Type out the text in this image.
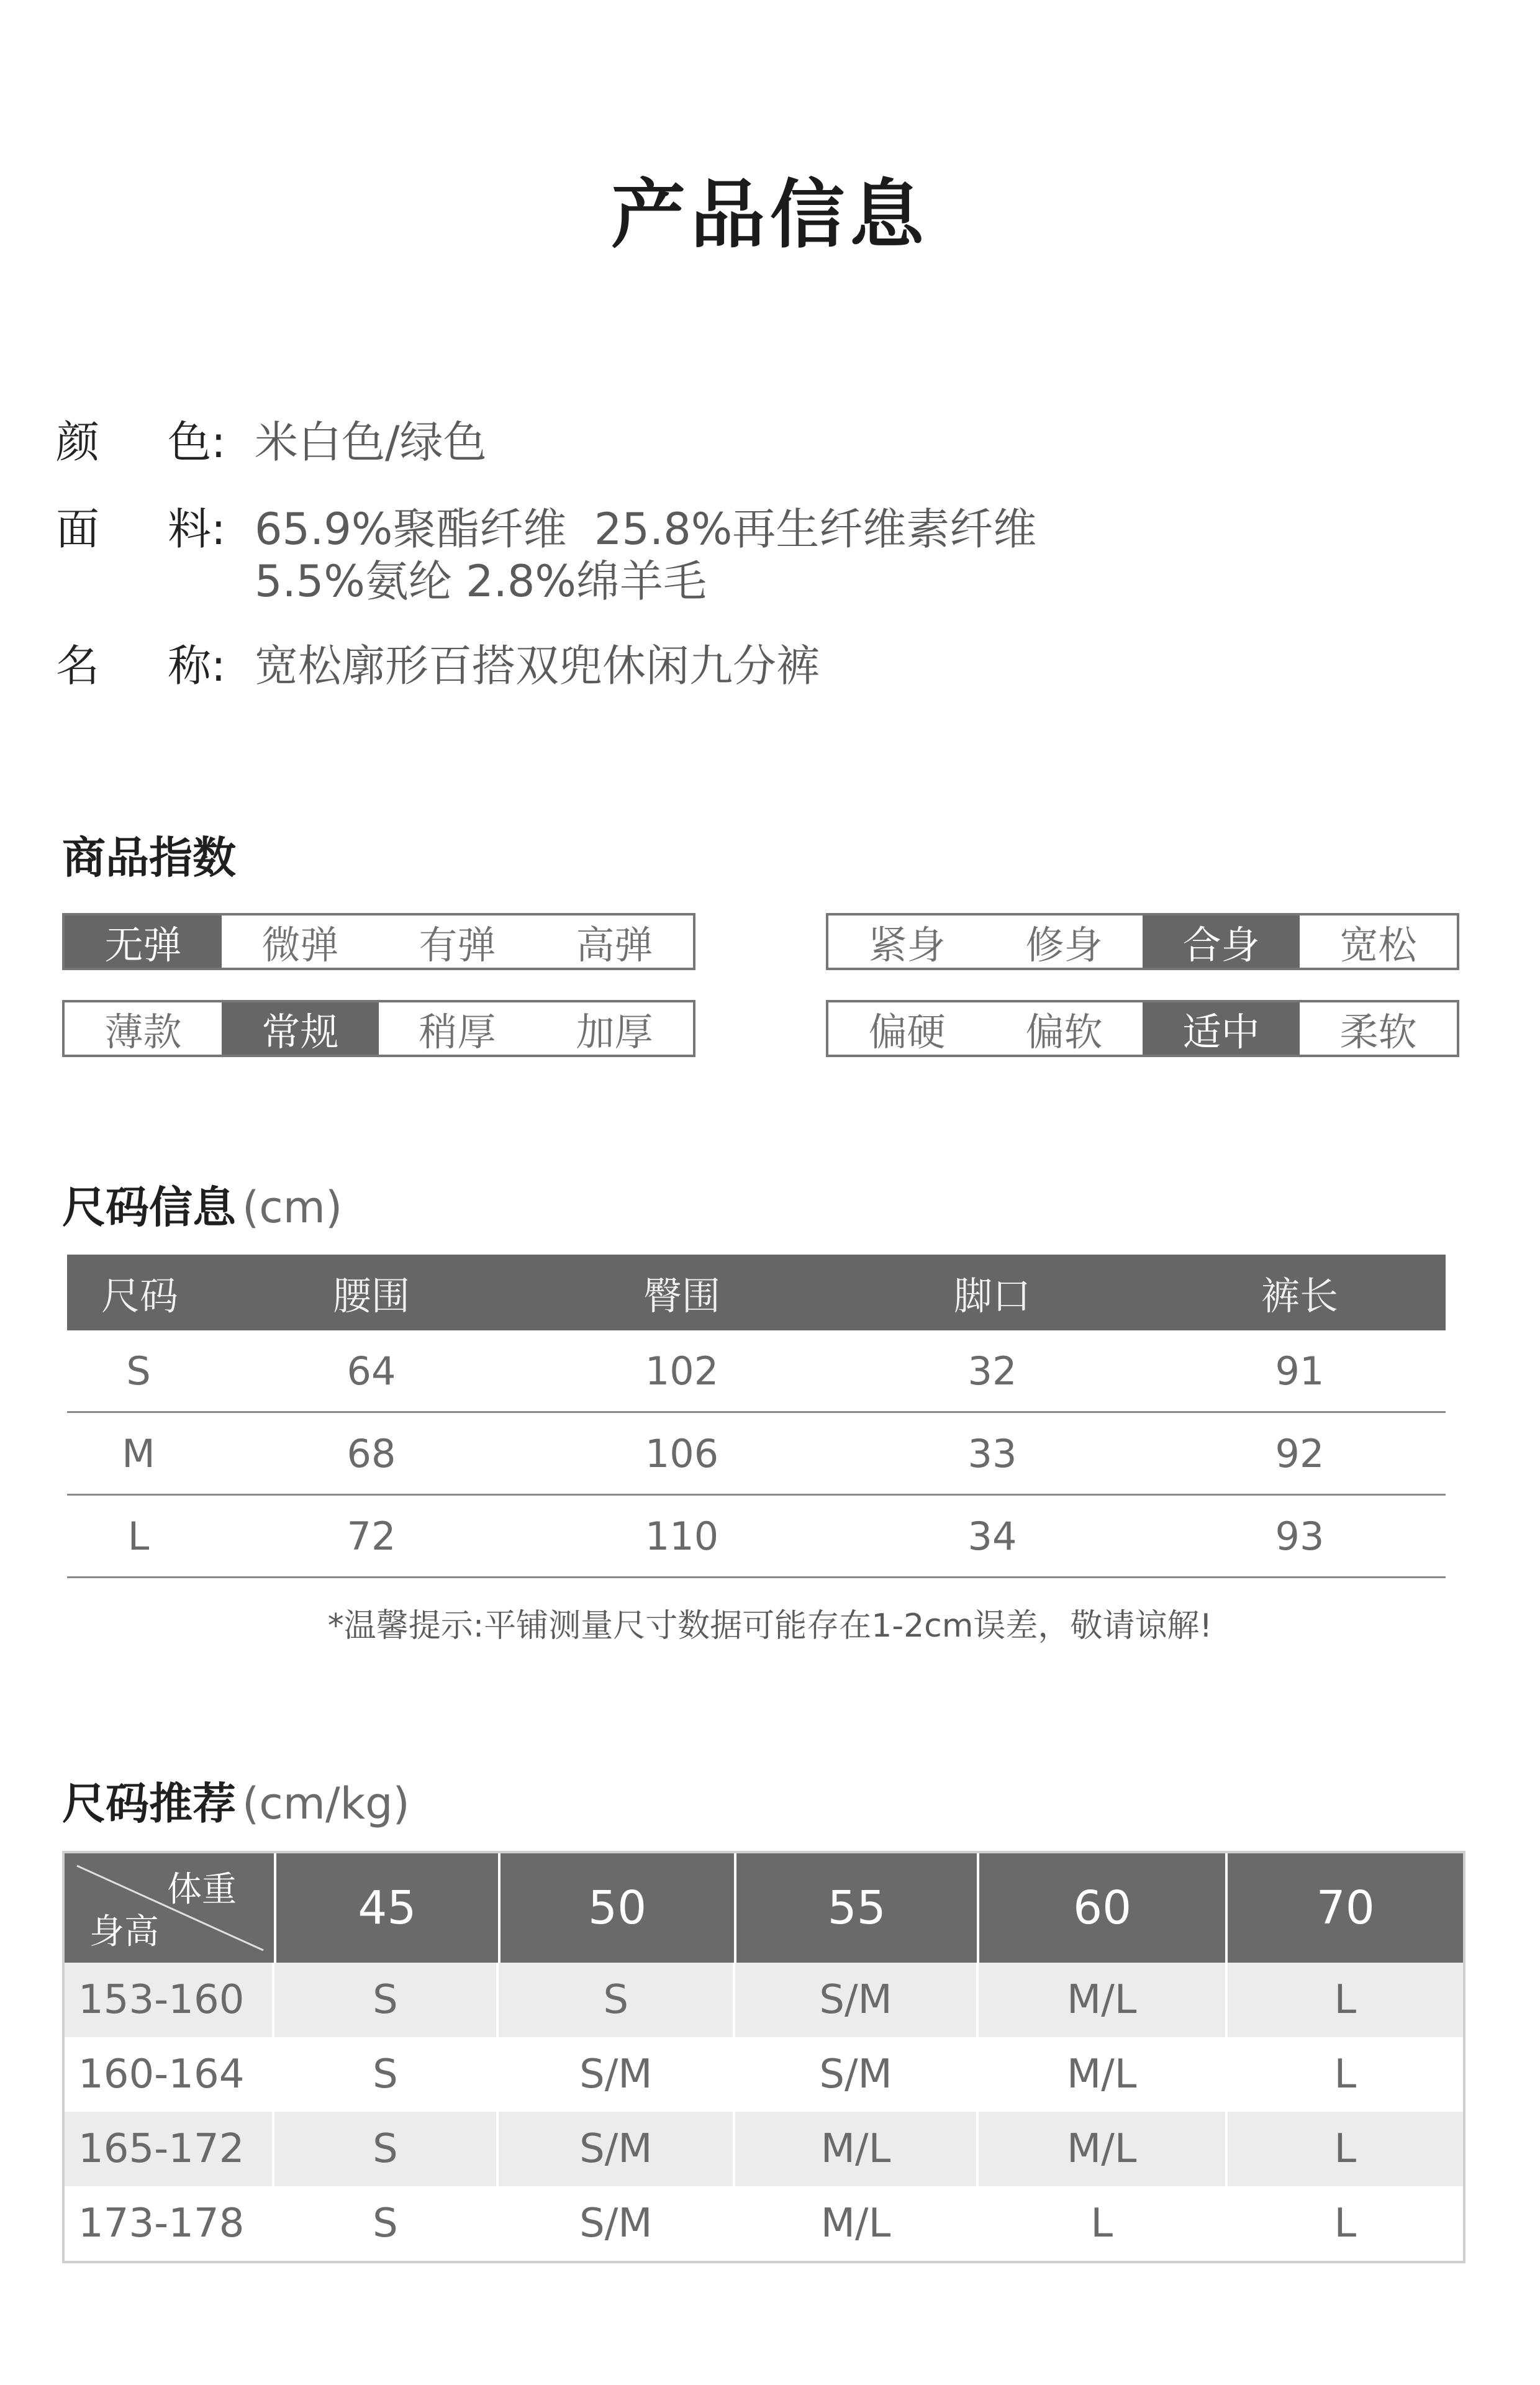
产品信息
颜 色: 米白色/绿色
面 料: 65.9%聚酯纤维  25.8%再生纤维素纤维
5.5%氨纶 2.8%绵羊毛
名 称: 宽松廓形百搭双兜休闲九分裤
商品指数
无弹	微弹	有弹	高弹	紧身	修身	合身	宽松
薄款	常规	稍厚	加厚	偏硬	偏软	适中	柔软
尺码信息 (cm)
尺码	腰围	臀围	脚口	裤长
S	64	102	32	91
M	68	106	33	92
L	72	110	34	93
*温馨提示:平铺测量尺寸数据可能存在1-2cm误差，敬请谅解!
尺码推荐 (cm/kg)
体重
身高	45	50	55	60	70
153-160	S	S	S/M	M/L	L
160-164	S	S/M	S/M	M/L	L
165-172	S	S/M	M/L	M/L	L
173-178	S	S/M	M/L	L	L
